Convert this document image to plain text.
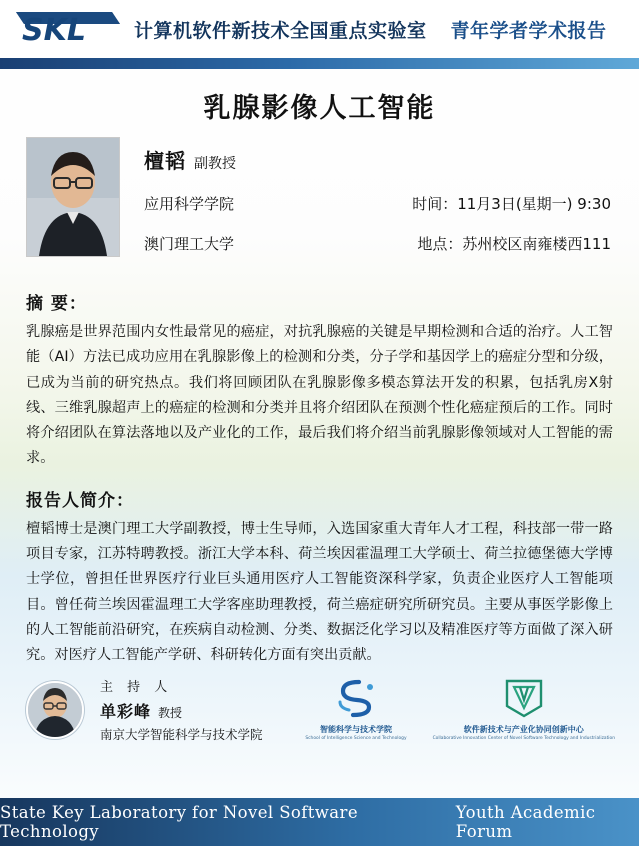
SKL	计算机软件新技术全国重点实验室 青年学者学术报告
乳腺影像人工智能
檀韬 副教授
应用科学学院	时间：11月3日(星期一) 9:30
澳门理工大学	地点：苏州校区南雍楼西111
摘 要：
乳腺癌是世界范围内女性最常见的癌症，对抗乳腺癌的关键是早期检测和合适的治疗。人工智能（AI）方法已成功应用在乳腺影像上的检测和分类，分子学和基因学上的癌症分型和分级，已成为当前的研究热点。我们将回顾团队在乳腺影像多模态算法开发的积累，包括乳房X射线、三维乳腺超声上的癌症的检测和分类并且将介绍团队在预测个性化癌症预后的工作。同时将介绍团队在算法落地以及产业化的工作，最后我们将介绍当前乳腺影像领域对人工智能的需求。
报告人简介：
檀韬博士是澳门理工大学副教授，博士生导师，入选国家重大青年人才工程，科技部一带一路项目专家，江苏特聘教授。浙江大学本科、荷兰埃因霍温理工大学硕士、荷兰拉德堡德大学博士学位，曾担任世界医疗行业巨头通用医疗人工智能资深科学家，负责企业医疗人工智能项目。曾任荷兰埃因霍温理工大学客座助理教授，荷兰癌症研究所研究员。主要从事医学影像上的人工智能前沿研究，在疾病自动检测、分类、数据泛化学习以及精准医疗等方面做了深入研究。对医疗人工智能产学研、科研转化方面有突出贡献。
主 持 人
单彩峰 教授
南京大学智能科学与技术学院	智能科学与技术学院
School of Intelligence Science and Technology
软件新技术与产业化协同创新中心
Collaborative Innovation Center of Novel Software Technology and Industrialization
State Key Laboratory for Novel Software Technology
Youth Academic Forum
